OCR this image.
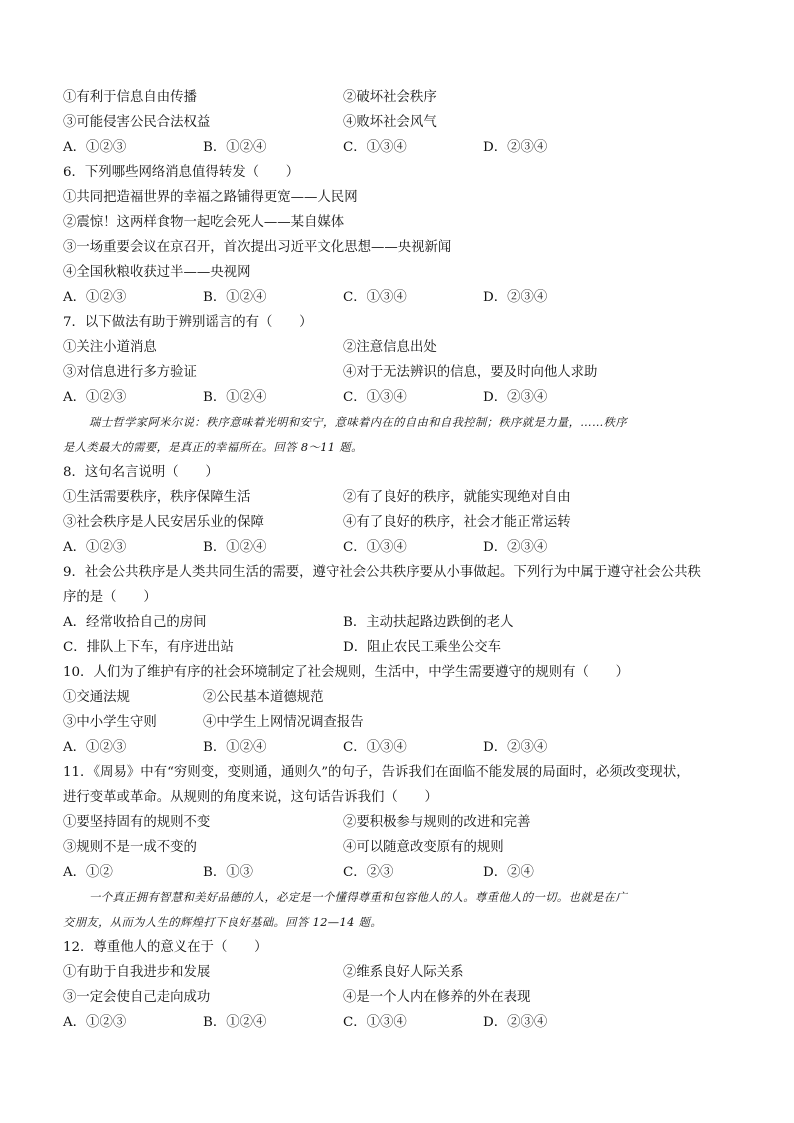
①有利于信息自由传播	②破坏社会秩序
③可能侵害公民合法权益	④败坏社会风气
A．①②③	B．①②④	C．①③④	D．②③④
6．下列哪些网络消息值得转发（　　）
①共同把造福世界的幸福之路铺得更宽——人民网
②震惊！这两样食物一起吃会死人——某自媒体
③一场重要会议在京召开，首次提出习近平文化思想——央视新闻
④全国秋粮收获过半——央视网
A．①②③	B．①②④	C．①③④	D．②③④
7．以下做法有助于辨别谣言的有（　　）
①关注小道消息	②注意信息出处
③对信息进行多方验证	④对于无法辨识的信息，要及时向他人求助
A．①②③	B．①②④	C．①③④	D．②③④
瑞士哲学家阿米尔说：秩序意味着光明和安宁，意味着内在的自由和自我控制；秩序就是力量，……秩序
是人类最大的需要，是真正的幸福所在。回答 8～11 题。
8．这句名言说明（　　）
①生活需要秩序，秩序保障生活	②有了良好的秩序，就能实现绝对自由
③社会秩序是人民安居乐业的保障	④有了良好的秩序，社会才能正常运转
A．①②③	B．①②④	C．①③④	D．②③④
9．社会公共秩序是人类共同生活的需要，遵守社会公共秩序要从小事做起。下列行为中属于遵守社会公共秩
序的是（　　）
A．经常收拾自己的房间	B．主动扶起路边跌倒的老人
C．排队上下车，有序进出站	D．阻止农民工乘坐公交车
10．人们为了维护有序的社会环境制定了社会规则，生活中，中学生需要遵守的规则有（　　）
①交通法规	②公民基本道德规范
③中小学生守则	④中学生上网情况调查报告
A．①②③	B．①②④	C．①③④	D．②③④
11．《周易》中有“穷则变，变则通，通则久”的句子，告诉我们在面临不能发展的局面时，必须改变现状，
进行变革或革命。从规则的角度来说，这句话告诉我们（　　）
①要坚持固有的规则不变	②要积极参与规则的改进和完善
③规则不是一成不变的	④可以随意改变原有的规则
A．①②	B．①③	C．②③	D．②④
一个真正拥有智慧和美好品德的人，必定是一个懂得尊重和包容他人的人。尊重他人的一切。也就是在广
交朋友，从而为人生的辉煌打下良好基础。回答 12—14 题。
12．尊重他人的意义在于（　　）
①有助于自我进步和发展	②维系良好人际关系
③一定会使自己走向成功	④是一个人内在修养的外在表现
A．①②③	B．①②④	C．①③④	D．②③④
